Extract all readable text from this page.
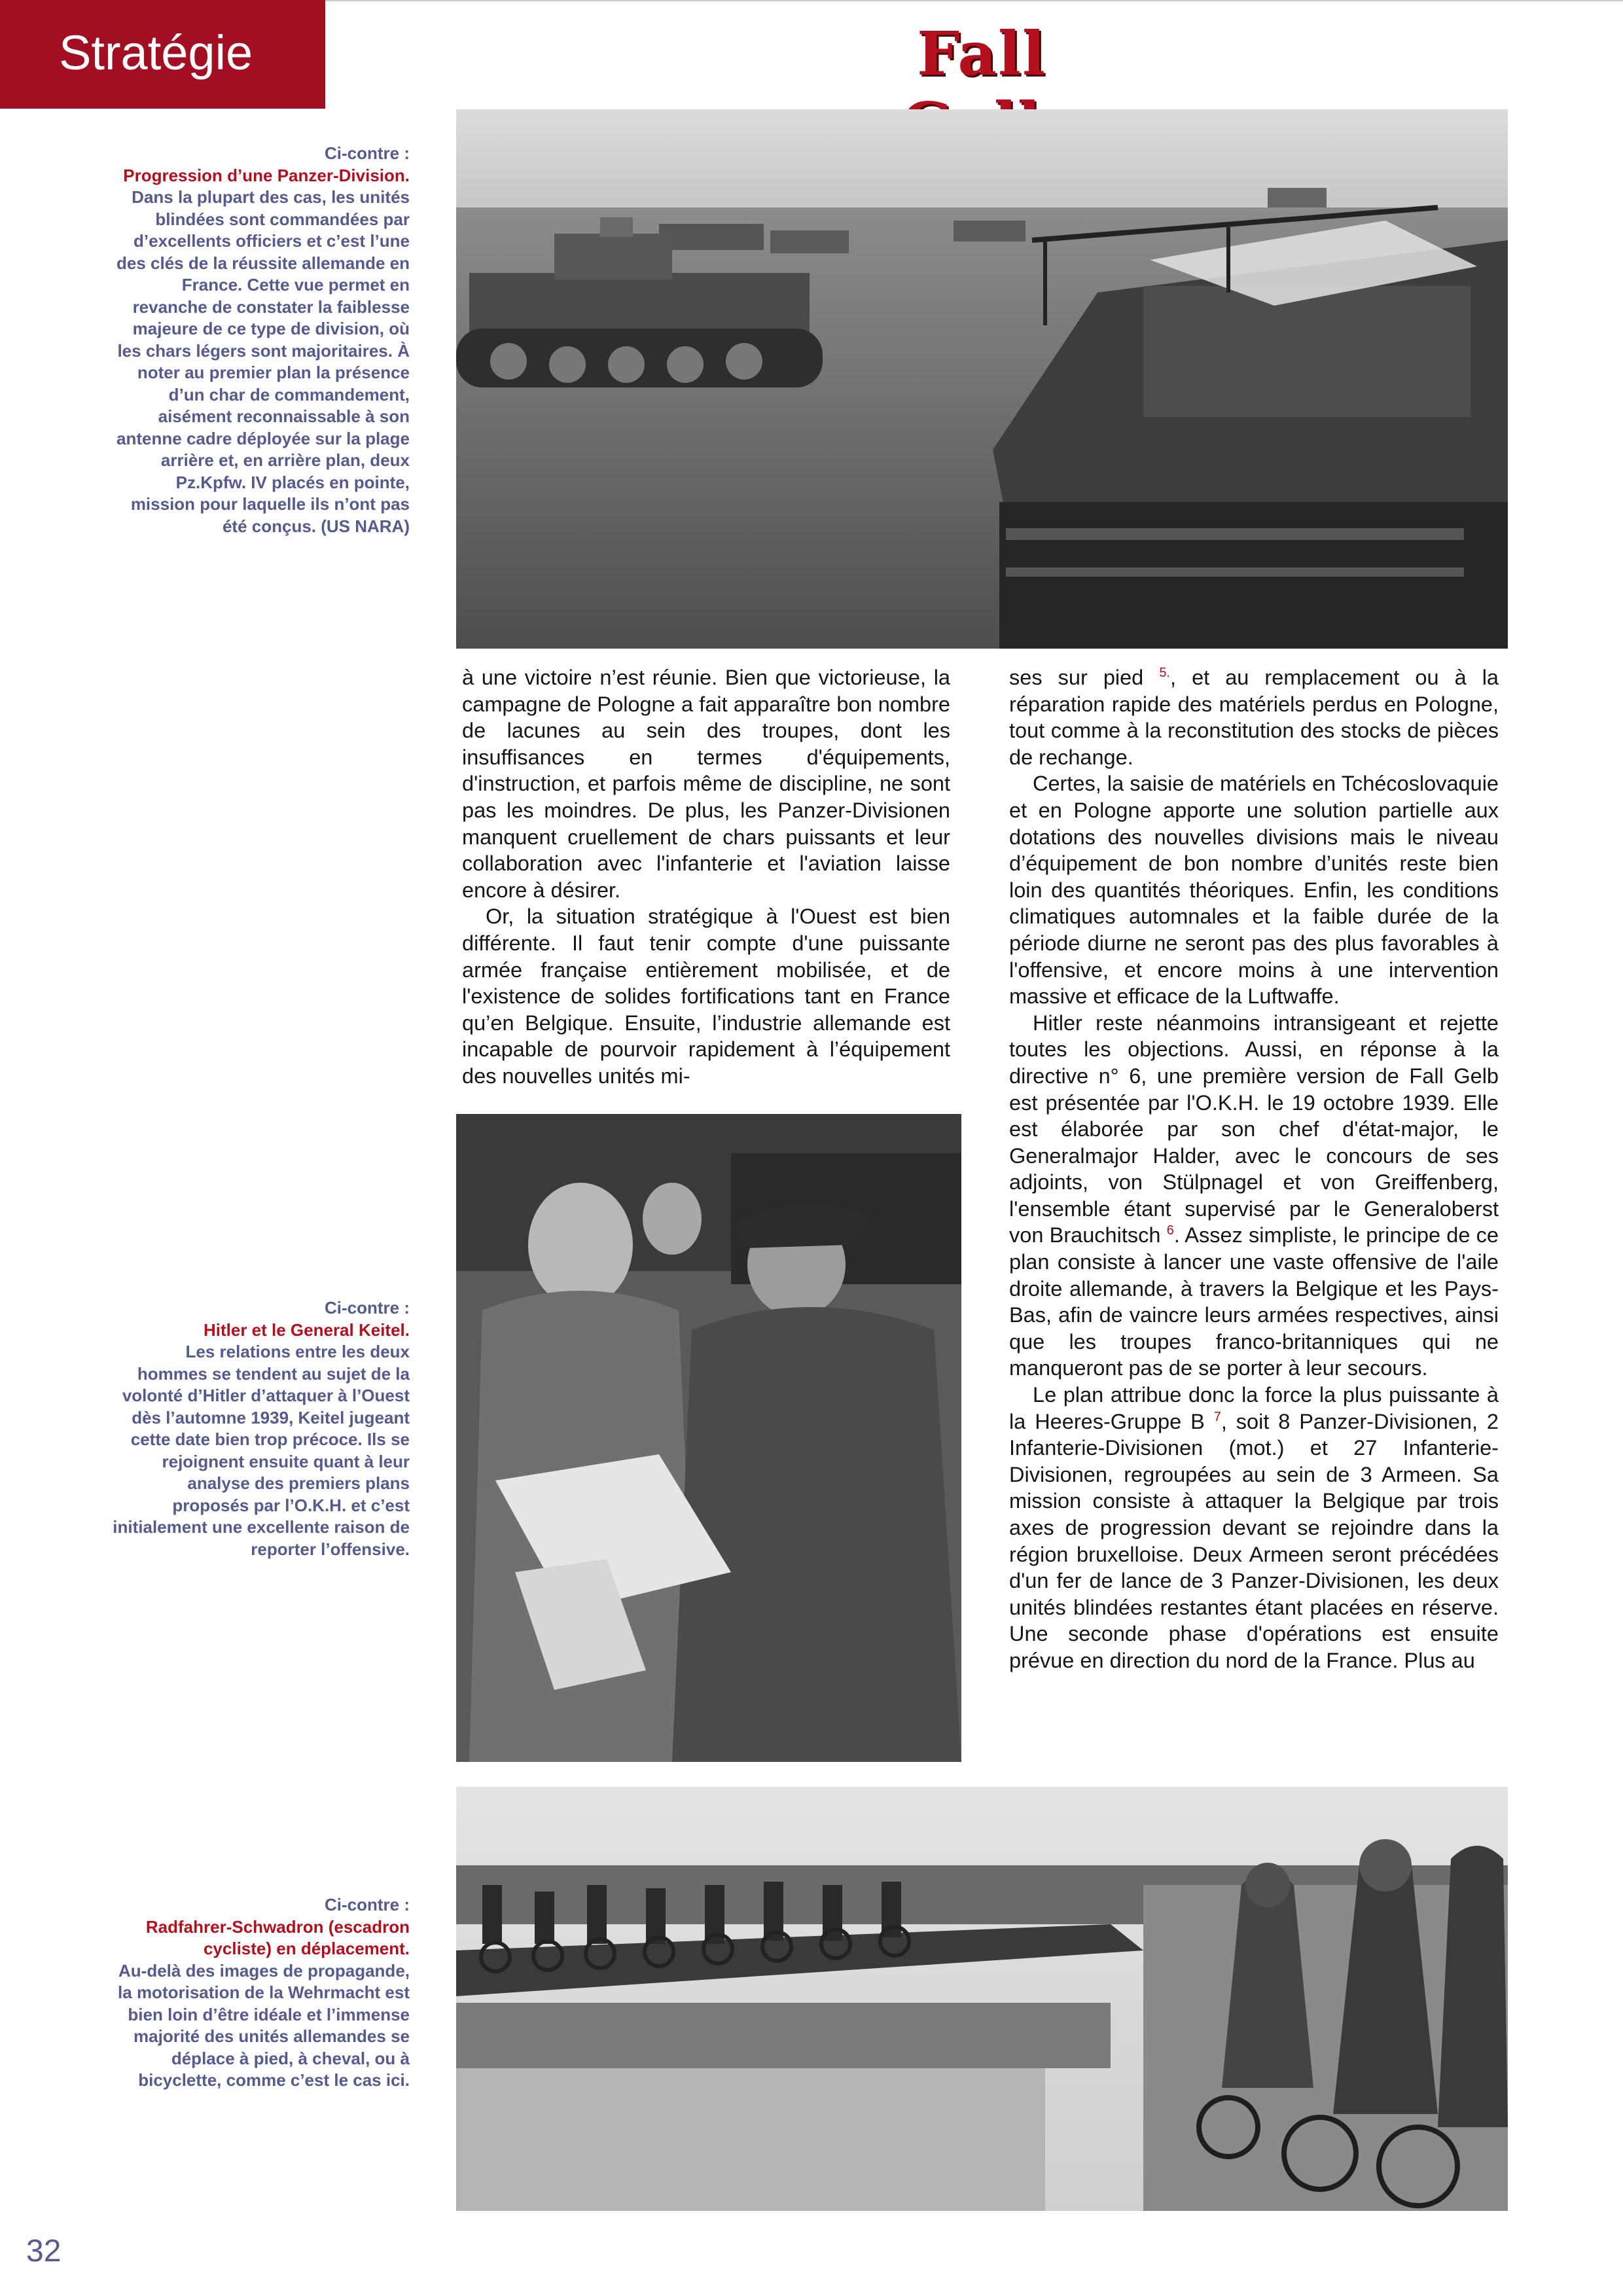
Stratégie	Fall
Ci-contre :
Progression d’une Panzer-Division.
Dans la plupart des cas, les unités blindées sont commandées par d’excellents officiers et c’est l’une des clés de la réussite allemande en France. Cette vue permet en revanche de constater la faiblesse majeure de ce type de division, où les chars légers sont majoritaires. À noter au premier plan la présence d’un char de commandement, aisément reconnaissable à son antenne cadre déployée sur la plage arrière et, en arrière plan, deux Pz.Kpfw. IV placés en pointe, mission pour laquelle ils n’ont pas été conçus. (US NARA)

à une victoire n’est réunie. Bien que victorieuse, la campagne de Pologne a fait apparaître bon nombre de lacunes au sein des troupes, dont les insuffisances en termes d'équipements, d'instruction, et parfois même de discipline, ne sont pas les moindres. De plus, les Panzer-Divisionen manquent cruellement de chars puissants et leur collaboration avec l'infanterie et l'aviation laisse encore à désirer.

Or, la situation stratégique à l'Ouest est bien différente. Il faut tenir compte d'une puissante armée française entièrement mobilisée, et de l'existence de solides fortifications tant en France qu’en Belgique. Ensuite, l’industrie allemande est incapable de pourvoir rapidement à l’équipement des nouvelles unités mi-

ses sur pied $^{5.}$, et au remplacement ou à la réparation rapide des matériels perdus en Pologne, tout comme à la reconstitution des stocks de pièces de rechange.

Certes, la saisie de matériels en Tchécoslovaquie et en Pologne apporte une solution partielle aux dotations des nouvelles divisions mais le niveau d’équipement de bon nombre d’unités reste bien loin des quantités théoriques. Enfin, les conditions climatiques automnales et la faible durée de la période diurne ne seront pas des plus favorables à l'offensive, et encore moins à une intervention massive et efficace de la Luftwaffe.

Hitler reste néanmoins intransigeant et rejette toutes les objections. Aussi, en réponse à la directive n° 6, une première version de Fall Gelb est présentée par l'O.K.H. le 19 octobre 1939. Elle est élaborée par son chef d'état-major, le Generalmajor Halder, avec le concours de ses adjoints, von Stülpnagel et von Greiffenberg, l'ensemble étant supervisé par le Generaloberst von Brauchitsch $^6$. Assez simpliste, le principe de ce plan consiste à lancer une vaste offensive de l'aile droite allemande, à travers la Belgique et les Pays-Bas, afin de vaincre leurs armées respectives, ainsi que les troupes franco-britanniques qui ne manqueront pas de se porter à leur secours.

Le plan attribue donc la force la plus puissante à la Heeres-Gruppe B $^7$, soit 8 Panzer-Divisionen, 2 Infanterie-Divisionen (mot.) et 27 Infanterie-Divisionen, regroupées au sein de 3 Armeen. Sa mission consiste à attaquer la Belgique par trois axes de progression devant se rejoindre dans la région bruxelloise. Deux Armeen seront précédées d'un fer de lance de 3 Panzer-Divisionen, les deux unités blindées restantes étant placées en réserve. Une seconde phase d'opérations est ensuite prévue en direction du nord de la France. Plus au

Ci-contre :
Hitler et le General Keitel.
Les relations entre les deux hommes se tendent au sujet de la volonté d’Hitler d’attaquer à l’Ouest dès l’automne 1939, Keitel jugeant cette date bien trop précoce. Ils se rejoignent ensuite quant à leur analyse des premiers plans proposés par l’O.K.H. et c’est initialement une excellente raison de reporter l’offensive.
Ci-contre :
Radfahrer-Schwadron (escadron cycliste) en déplacement.
Au-delà des images de propagande, la motorisation de la Wehrmacht est bien loin d’être idéale et l’immense majorité des unités allemandes se déplace à pied, à cheval, ou à bicyclette, comme c’est le cas ici.
32
